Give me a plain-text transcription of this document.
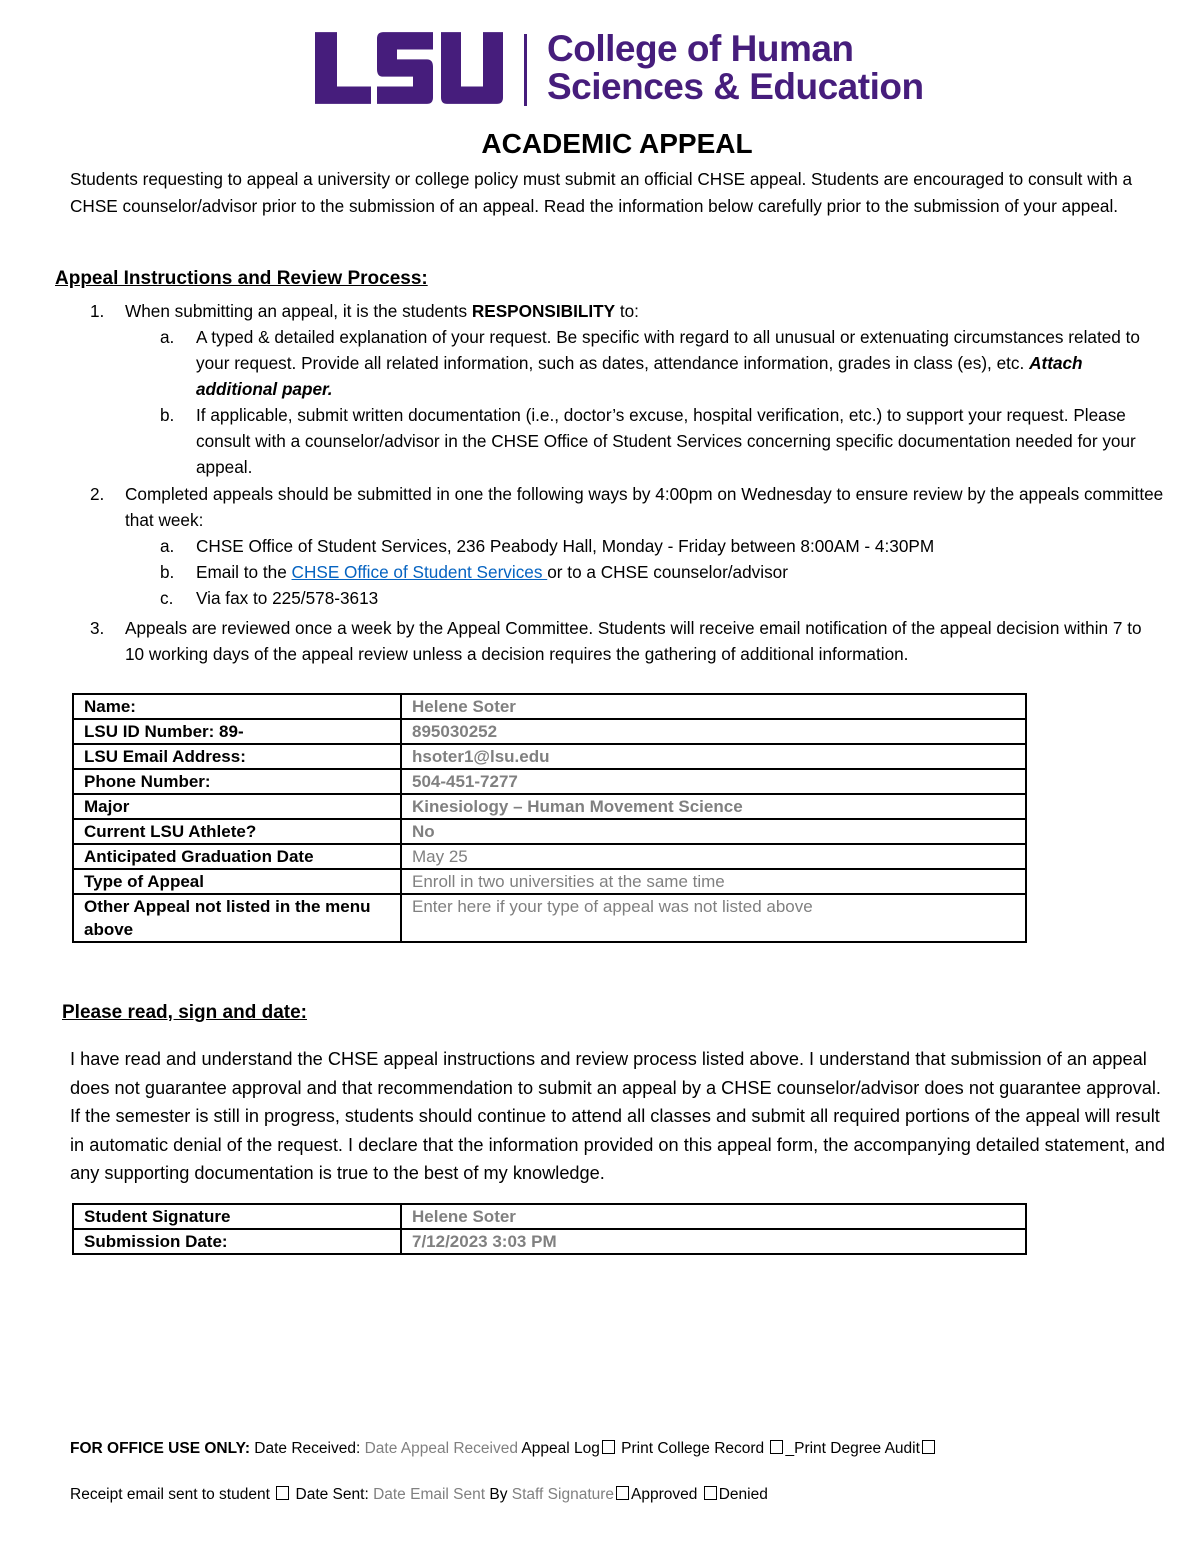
College of Human
Sciences & Education
ACADEMIC APPEAL
Students requesting to appeal a university or college policy must submit an official CHSE appeal. Students are encouraged to consult with a CHSE counselor/advisor prior to the submission of an appeal. Read the information below carefully prior to the submission of your appeal.
Appeal Instructions and Review Process:
1. When submitting an appeal, it is the students RESPONSIBILITY to:
a. A typed & detailed explanation of your request. Be specific with regard to all unusual or extenuating circumstances related to your request. Provide all related information, such as dates, attendance information, grades in class (es), etc. Attach additional paper.
b. If applicable, submit written documentation (i.e., doctor’s excuse, hospital verification, etc.) to support your request. Please consult with a counselor/advisor in the CHSE Office of Student Services concerning specific documentation needed for your appeal.
2. Completed appeals should be submitted in one the following ways by 4:00pm on Wednesday to ensure review by the appeals committee that week:
a. CHSE Office of Student Services, 236 Peabody Hall, Monday - Friday between 8:00AM - 4:30PM
b. Email to the CHSE Office of Student Services or to a CHSE counselor/advisor
c. Via fax to 225/578-3613
3. Appeals are reviewed once a week by the Appeal Committee. Students will receive email notification of the appeal decision within 7 to 10 working days of the appeal review unless a decision requires the gathering of additional information.
Name:	Helene Soter
LSU ID Number: 89-	895030252
LSU Email Address:	hsoter1@lsu.edu
Phone Number:	504-451-7277
Major	Kinesiology – Human Movement Science
Current LSU Athlete?	No
Anticipated Graduation Date	May 25
Type of Appeal	Enroll in two universities at the same time
Other Appeal not listed in the menu above	Enter here if your type of appeal was not listed above
Please read, sign and date:
I have read and understand the CHSE appeal instructions and review process listed above. I understand that submission of an appeal does not guarantee approval and that recommendation to submit an appeal by a CHSE counselor/advisor does not guarantee approval. If the semester is still in progress, students should continue to attend all classes and submit all required portions of the appeal will result in automatic denial of the request. I declare that the information provided on this appeal form, the accompanying detailed statement, and any supporting documentation is true to the best of my knowledge.
Student Signature	Helene Soter
Submission Date:	7/12/2023 3:03 PM
FOR OFFICE USE ONLY: Date Received: Date Appeal Received Appeal Log Print College Record _Print Degree Audit
Receipt email sent to student  Date Sent: Date Email Sent By Staff Signature Approved Denied
